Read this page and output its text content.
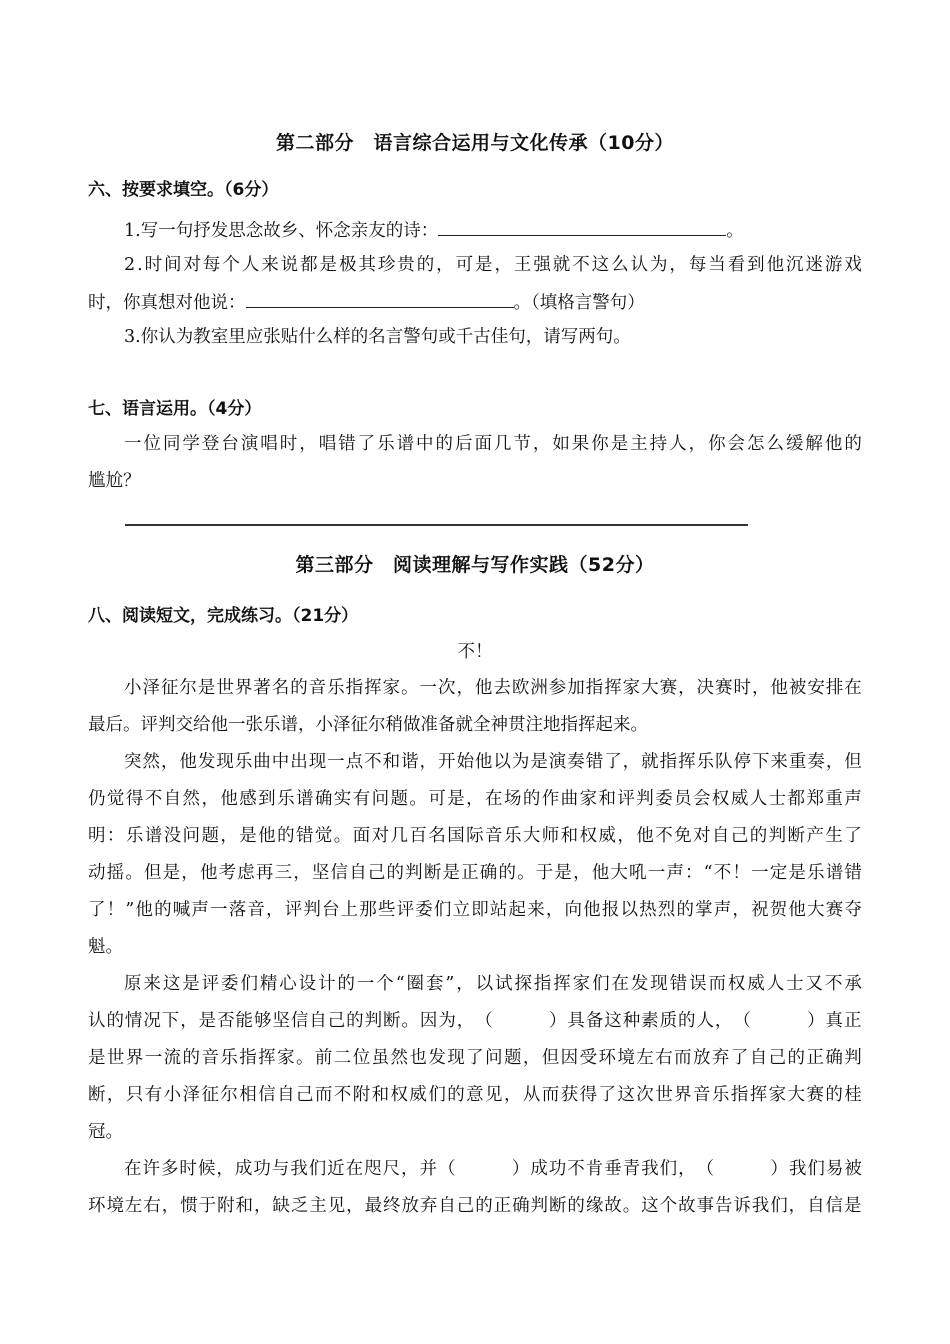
第二部分　语言综合运用与文化传承（10分）
六、按要求填空。（6分）
1.写一句抒发思念故乡、怀念亲友的诗：	。
2 . 时 间 对 每 个 人 来 说 都 是 极 其 珍 贵 的 ， 可 是 ， 王 强 就 不 这 么 认 为 ， 每 当 看 到 他 沉 迷 游 戏
时，你真想对他说：	。（填格言警句）
3.你认为教室里应张贴什么样的名言警句或千古佳句，请写两句。
七、语言运用。（4分）
一 位 同 学 登 台 演 唱 时 ， 唱 错 了 乐 谱 中 的 后 面 几 节 ， 如 果 你 是 主 持 人 ， 你 会 怎 么 缓 解 他 的
尴尬？
第三部分　阅读理解与写作实践（52分）
八、阅读短文，完成练习。（21分）
不！
小 泽 征 尔 是 世 界 著 名 的 音 乐 指 挥 家 。 一 次 ， 他 去 欧 洲 参 加 指 挥 家 大 赛 ， 决 赛 时 ， 他 被 安 排 在
最后。评判交给他一张乐谱，小泽征尔稍做准备就全神贯注地指挥起来。
突 然 ， 他 发 现 乐 曲 中 出 现 一 点 不 和 谐 ， 开 始 他 以 为 是 演 奏 错 了 ， 就 指 挥 乐 队 停 下 来 重 奏 ， 但
仍 觉 得 不 自 然 ， 他 感 到 乐 谱 确 实 有 问 题 。 可 是 ， 在 场 的 作 曲 家 和 评 判 委 员 会 权 威 人 士 都 郑 重 声
明 ： 乐 谱 没 问 题 ， 是 他 的 错 觉 。 面 对 几 百 名 国 际 音 乐 大 师 和 权 威 ， 他 不 免 对 自 己 的 判 断 产 生 了
动 摇 。 但 是 ， 他 考 虑 再 三 ， 坚 信 自 己 的 判 断 是 正 确 的 。 于 是 ， 他 大 吼 一 声 ： “ 不 ！ 一 定 是 乐 谱 错
了 ！ ” 他 的 喊 声 一 落 音 ， 评 判 台 上 那 些 评 委 们 立 即 站 起 来 ， 向 他 报 以 热 烈 的 掌 声 ， 祝 贺 他 大 赛 夺
魁。
原 来 这 是 评 委 们 精 心 设 计 的 一 个 “ 圈 套 ” ， 以 试 探 指 挥 家 们 在 发 现 错 误 而 权 威 人 士 又 不 承
认 的 情 况 下 ， 是 否 能 够 坚 信 自 己 的 判 断 。 因 为 ， （

　	） 具 备 这 种 素 质 的 人 ， （

　	） 真 正
是 世 界 一 流 的 音 乐 指 挥 家 。 前 二 位 虽 然 也 发 现 了 问 题 ， 但 因 受 环 境 左 右 而 放 弃 了 自 己 的 正 确 判
断 ， 只 有 小 泽 征 尔 相 信 自 己 而 不 附 和 权 威 们 的 意 见 ， 从 而 获 得 了 这 次 世 界 音 乐 指 挥 家 大 赛 的 桂
冠。
在 许 多 时 候 ， 成 功 与 我 们 近 在 咫 尺 ， 并 （

　	） 成 功 不 肯 垂 青 我 们 ， （

　	） 我 们 易 被
环 境 左 右 ， 惯 于 附 和 ， 缺 乏 主 见 ， 最 终 放 弃 自 己 的 正 确 判 断 的 缘 故 。 这 个 故 事 告 诉 我 们 ， 自 信 是
